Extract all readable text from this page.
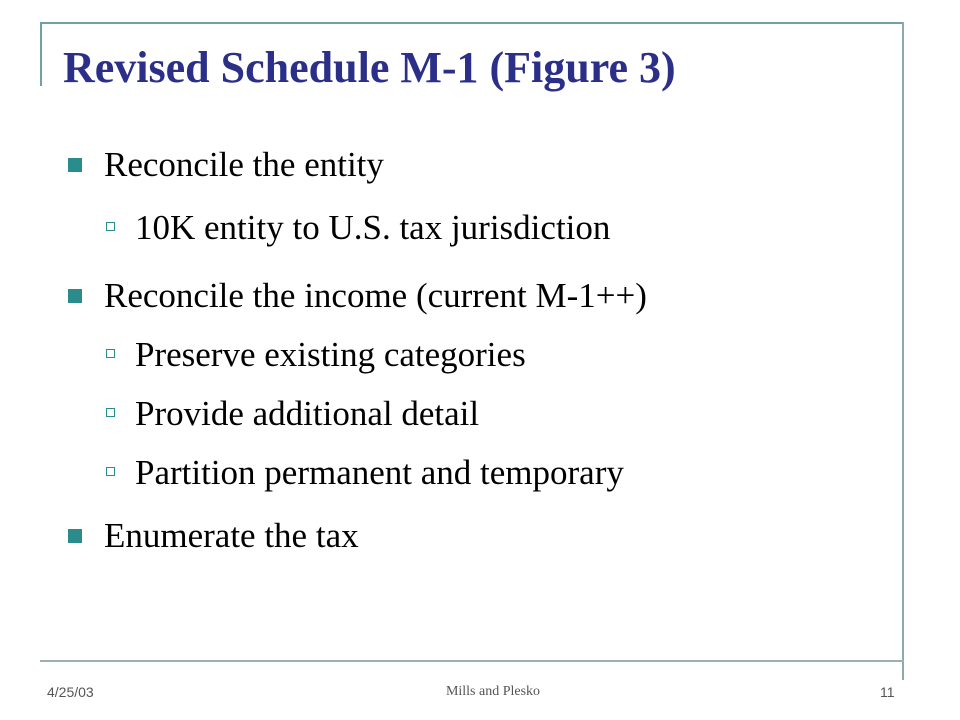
Revised Schedule M-1 (Figure 3)
Reconcile the entity
10K entity to U.S. tax jurisdiction
Reconcile the income (current M-1++)
Preserve existing categories
Provide additional detail
Partition permanent and temporary
Enumerate the tax
4/25/03	Mills and Plesko	11
